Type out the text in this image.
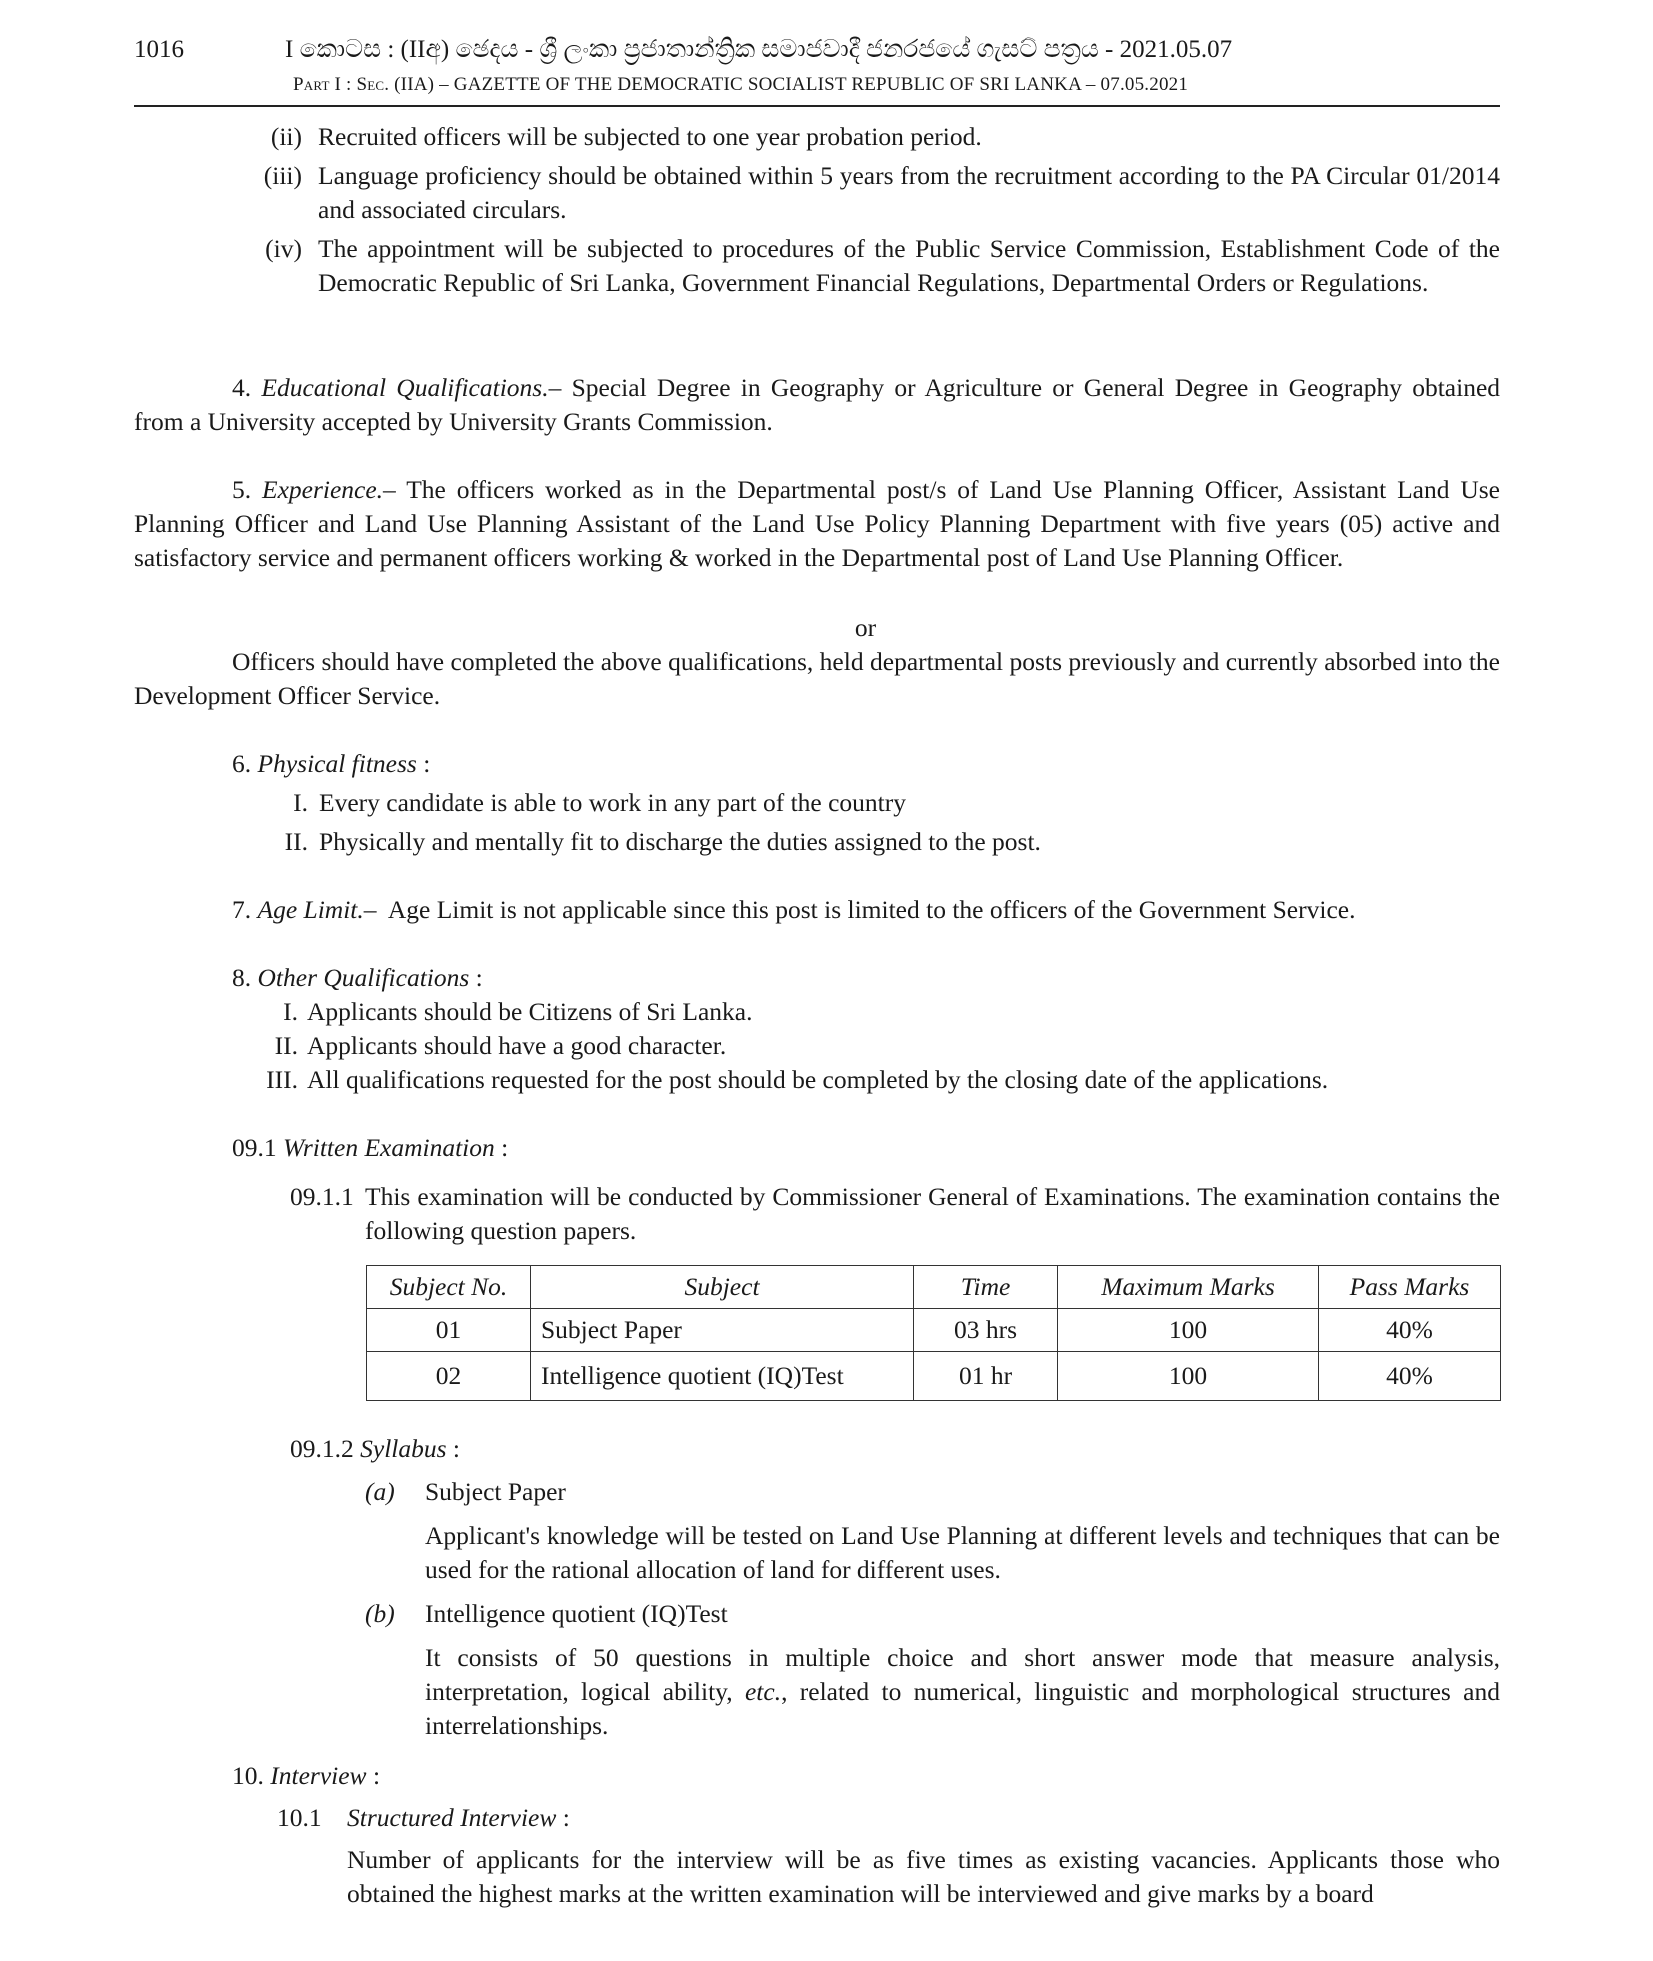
1016	I කොටස : (IIඅ) ඡෙදය - ශ්‍රී ලංකා ප්‍රජාතාන්ත්‍රික සමාජවාදී ජනරජයේ ගැසට් පත්‍රය - 2021.05.07
Part I : Sec. (IIA) – GAZETTE OF THE DEMOCRATIC SOCIALIST REPUBLIC OF SRI LANKA – 07.05.2021
(ii) Recruited officers will be subjected to one year probation period.
(iii) Language proficiency should be obtained within 5 years from the recruitment according to the PA Circular 01/2014 and associated circulars.
(iv) The appointment will be subjected to procedures of the Public Service Commission, Establishment Code of the Democratic Republic of Sri Lanka, Government Financial Regulations, Departmental Orders or Regulations.
4. Educational Qualifications.– Special Degree in Geography or Agriculture or General Degree in Geography obtained from a University accepted by University Grants Commission.
5. Experience.– The officers worked as in the Departmental post/s of Land Use Planning Officer, Assistant Land Use Planning Officer and Land Use Planning Assistant of the Land Use Policy Planning Department with five years (05) active and satisfactory service and permanent officers working & worked in the Departmental post of Land Use Planning Officer.
or
Officers should have completed the above qualifications, held departmental posts previously and currently absorbed into the Development Officer Service.
6. Physical fitness :
I. Every candidate is able to work in any part of the country
II. Physically and mentally fit to discharge the duties assigned to the post.
7. Age Limit.– Age Limit is not applicable since this post is limited to the officers of the Government Service.
8. Other Qualifications :
I. Applicants should be Citizens of Sri Lanka.
II. Applicants should have a good character.
III. All qualifications requested for the post should be completed by the closing date of the applications.
09.1 Written Examination :
09.1.1 This examination will be conducted by Commissioner General of Examinations. The examination contains the following question papers.
Subject No.	Subject	Time	Maximum Marks	Pass Marks
01	Subject Paper	03 hrs	100	40%
02	Intelligence quotient (IQ)Test	01 hr	100	40%
09.1.2 Syllabus :
(a) Subject Paper
Applicant's knowledge will be tested on Land Use Planning at different levels and techniques that can be used for the rational allocation of land for different uses.
(b) Intelligence quotient (IQ)Test
It consists of 50 questions in multiple choice and short answer mode that measure analysis, interpretation, logical ability, etc., related to numerical, linguistic and morphological structures and interrelationships.
10. Interview :
10.1 Structured Interview :
Number of applicants for the interview will be as five times as existing vacancies. Applicants those who obtained the highest marks at the written examination will be interviewed and give marks by a board
